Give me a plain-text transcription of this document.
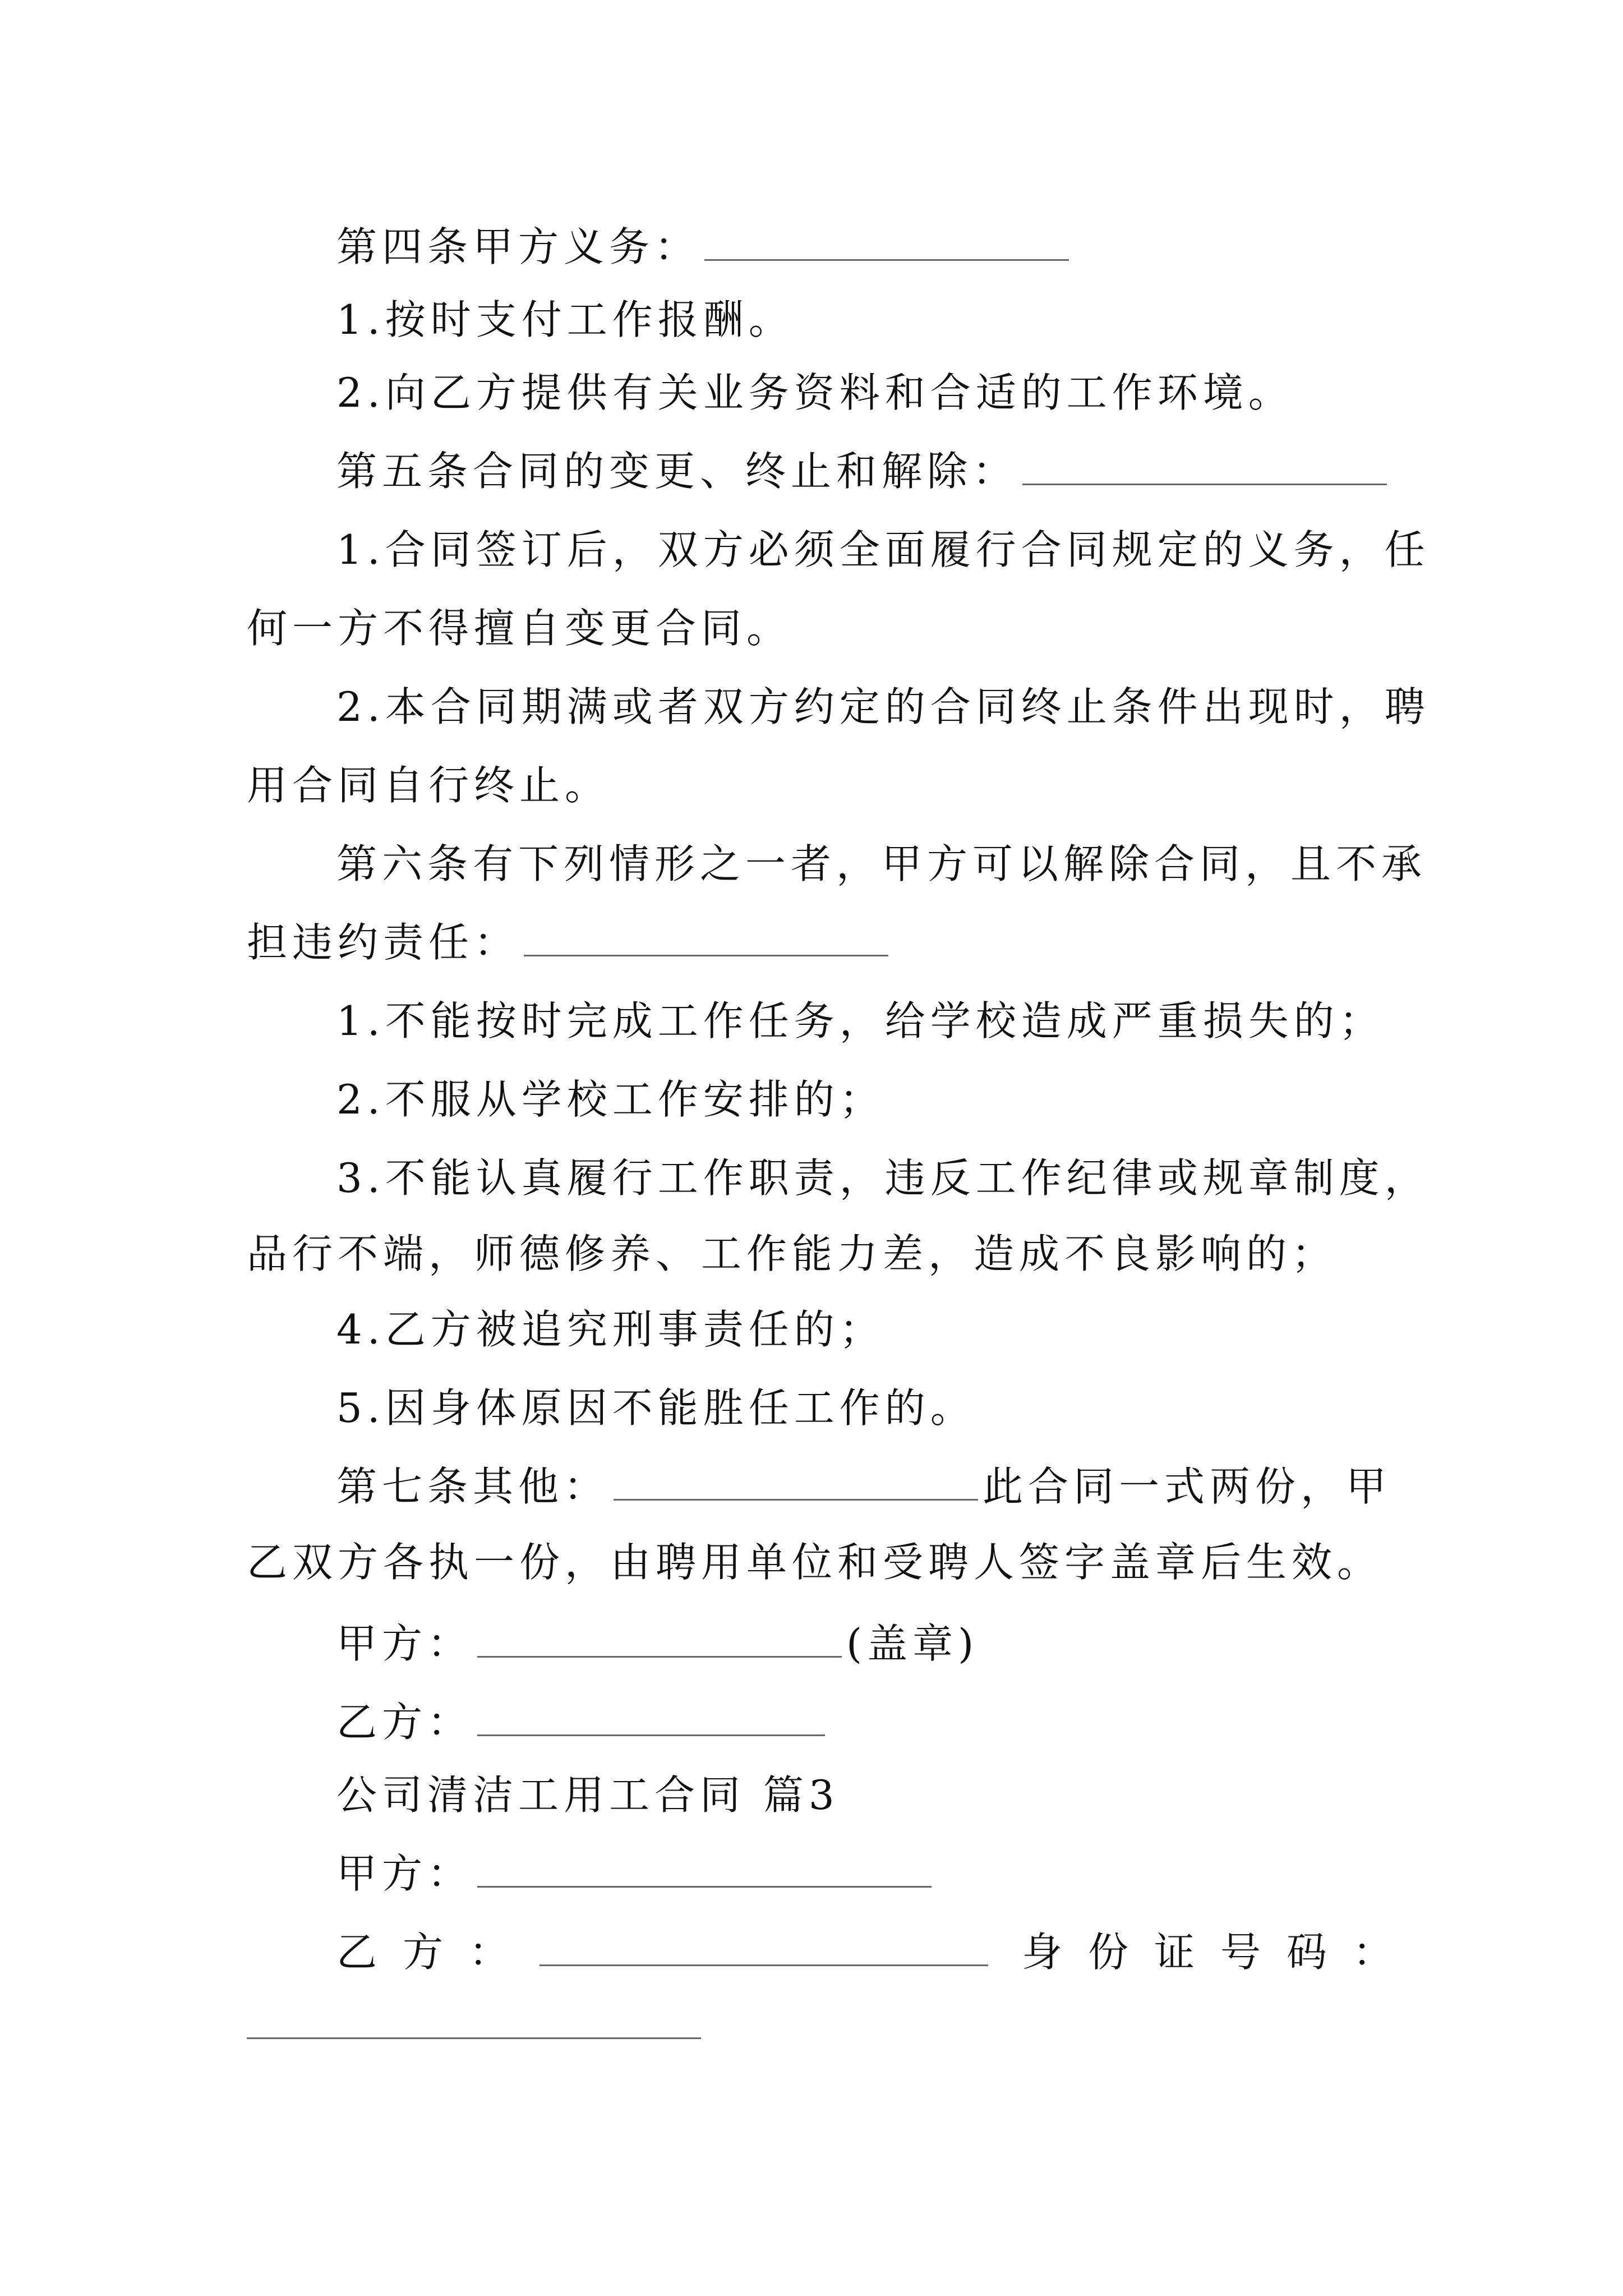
第四条甲方义务：
1.按时支付工作报酬。
2.向乙方提供有关业务资料和合适的工作环境。
第五条合同的变更、终止和解除：
1.合同签订后，双方必须全面履行合同规定的义务，任
何一方不得擅自变更合同。
2.本合同期满或者双方约定的合同终止条件出现时，聘
用合同自行终止。
第六条有下列情形之一者，甲方可以解除合同，且不承
担违约责任：
1.不能按时完成工作任务，给学校造成严重损失的；
2.不服从学校工作安排的；
3.不能认真履行工作职责，违反工作纪律或规章制度，
品行不端，师德修养、工作能力差，造成不良影响的；
4.乙方被追究刑事责任的；
5.因身体原因不能胜任工作的。
第七条其他：	此合同一式两份，甲
乙双方各执一份，由聘用单位和受聘人签字盖章后生效。
甲方：	(盖章)
乙方：
公司清洁工用工合同 篇3
甲方：
乙方：	身份证号码：
